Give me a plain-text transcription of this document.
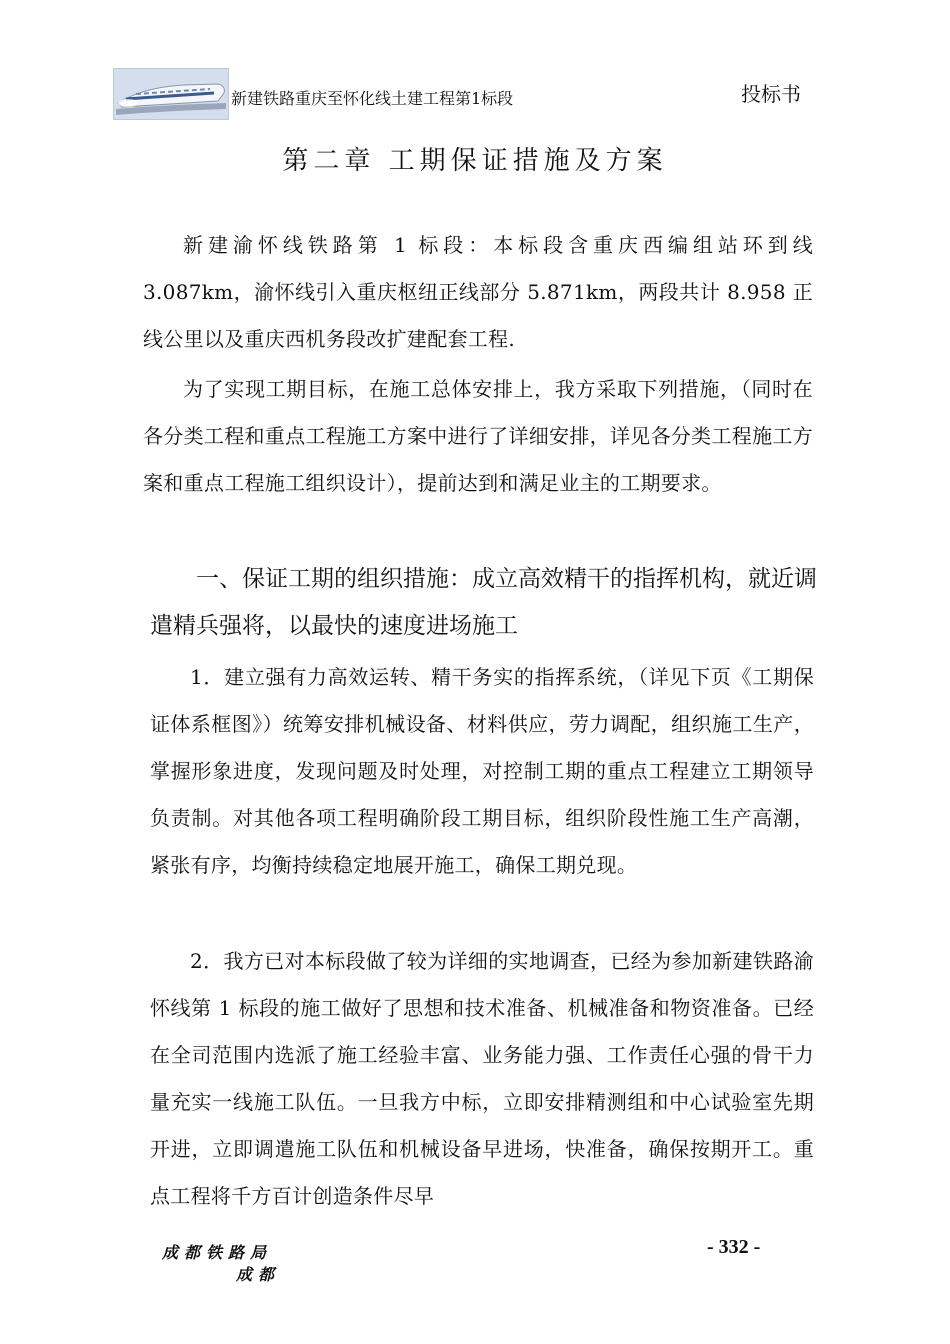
新建铁路重庆至怀化线土建工程第1标段	投标书
第二章 工期保证措施及方案
新建渝怀线铁路第 1 标段：本标段含重庆西编组站环到线 3.087km，渝怀线引入重庆枢纽正线部分 5.871km，两段共计 8.958 正线公里以及重庆西机务段改扩建配套工程.
为了实现工期目标，在施工总体安排上，我方采取下列措施，（同时在各分类工程和重点工程施工方案中进行了详细安排，详见各分类工程施工方案和重点工程施工组织设计），提前达到和满足业主的工期要求。
一、保证工期的组织措施：成立高效精干的指挥机构，就近调遣精兵强将，以最快的速度进场施工
1．建立强有力高效运转、精干务实的指挥系统，（详见下页《工期保证体系框图》）统筹安排机械设备、材料供应，劳力调配，组织施工生产，掌握形象进度，发现问题及时处理，对控制工期的重点工程建立工期领导负责制。对其他各项工程明确阶段工期目标，组织阶段性施工生产高潮，紧张有序，均衡持续稳定地展开施工，确保工期兑现。
2．我方已对本标段做了较为详细的实地调查，已经为参加新建铁路渝怀线第 1 标段的施工做好了思想和技术准备、机械准备和物资准备。已经在全司范围内选派了施工经验丰富、业务能力强、工作责任心强的骨干力量充实一线施工队伍。一旦我方中标，立即安排精测组和中心试验室先期开进，立即调遣施工队伍和机械设备早进场，快准备，确保按期开工。重点工程将千方百计创造条件尽早
成都铁路局
成都
- 332 -
